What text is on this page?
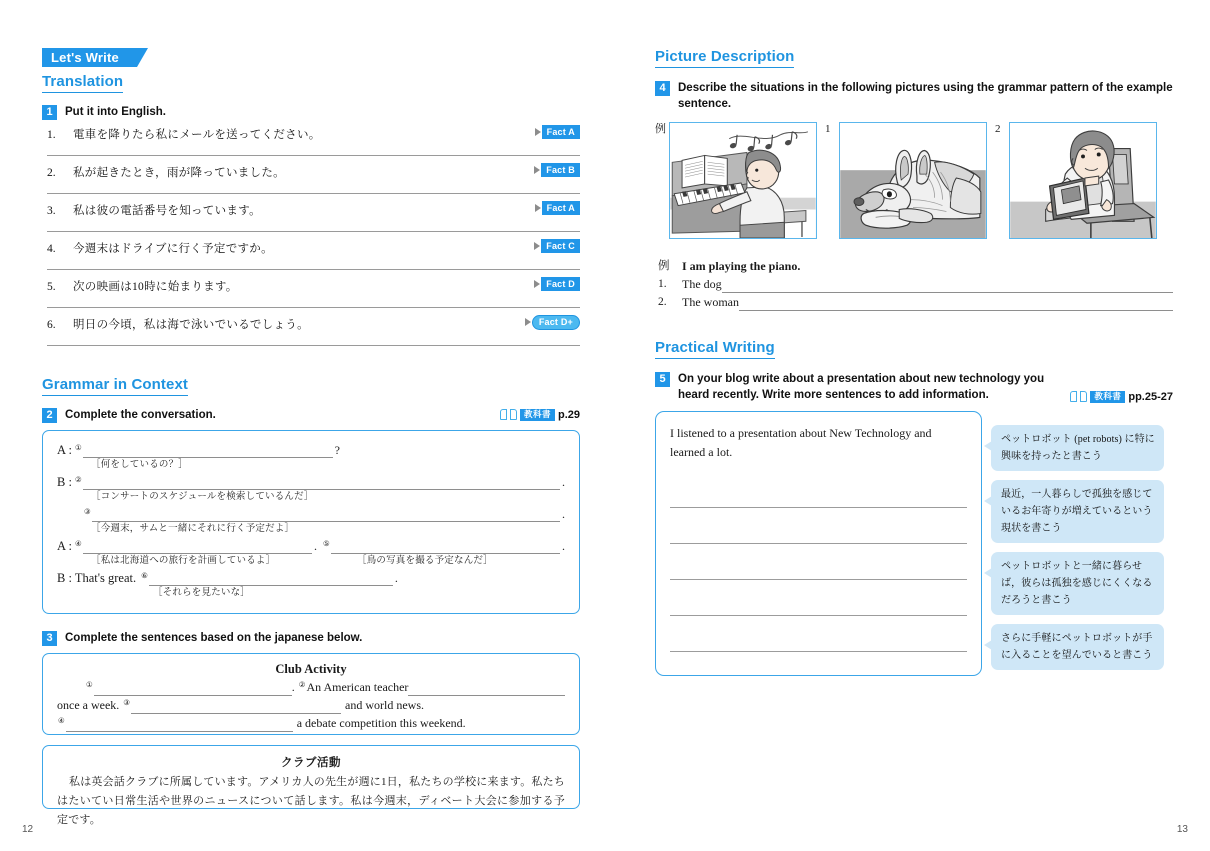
Let's Write
Translation
1	Put it into English.
1.	電車を降りたら私にメールを送ってください。	Fact A
2.	私が起きたとき，雨が降っていました。	Fact B
3.	私は彼の電話番号を知っています。	Fact A
4.	今週末はドライブに行く予定ですか。	Fact C
5.	次の映画は10時に始まります。	Fact D
6.	明日の今頃，私は海で泳いでいるでしょう。	Fact D+
Grammar in Context
2	Complete the conversation.	教科書 p.29
A : ①	?
［何をしているの？］
B : ②	.
［コンサートのスケジュールを検索しているんだ］
③	.
［今週末，サムと一緒にそれに行く予定だよ］
A : ④	. ⑤	.
［私は北海道への旅行を計画しているよ］	［鳥の写真を撮る予定なんだ］
B : That's great. ⑥	.
［それらを見たいな］
3	Complete the sentences based on the japanese below.
Club Activity
①	. ② An American teacher
once a week. ③	and world news.
④	a debate competition this weekend.
クラブ活動
私は英会話クラブに所属しています。アメリカ人の先生が週に1日，私たちの学校に来ます。私たちはたいてい日常生活や世界のニュースについて話します。私は今週末，ディベート大会に参加する予定です。
Picture Description
4	Describe the situations in the following pictures using the grammar pattern of the example sentence.
例	1	2
例	I am playing the piano.
1.	The dog
2.	The woman
Practical Writing
5	On your blog write about a presentation about new technology you heard recently. Write more sentences to add information.	教科書 pp.25-27
I listened to a presentation about New Technology and learned a lot.
ペットロボット (pet robots) に特に興味を持ったと書こう
最近，一人暮らしで孤独を感じているお年寄りが増えているという現状を書こう
ペットロボットと一緒に暮らせば，彼らは孤独を感じにくくなるだろうと書こう
さらに手軽にペットロボットが手に入ることを望んでいると書こう
12	13
